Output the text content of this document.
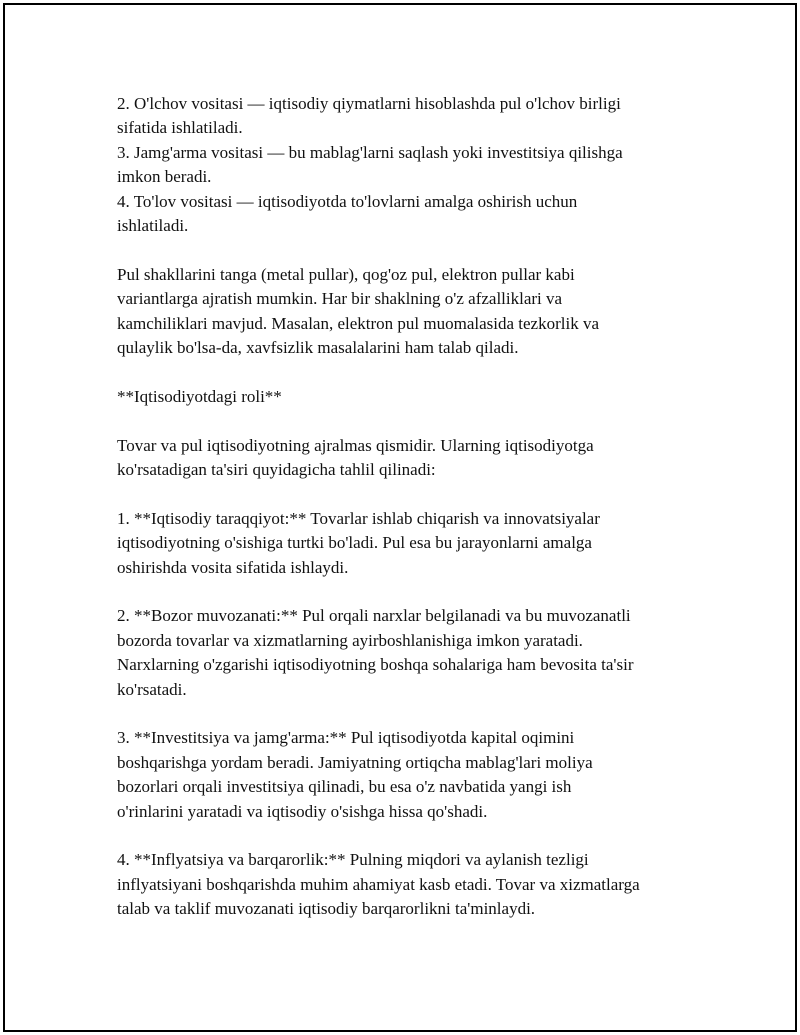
2. O'lchov vositasi — iqtisodiy qiymatlarni hisoblashda pul o'lchov birligi
sifatida ishlatiladi.
3. Jamg'arma vositasi — bu mablag'larni saqlash yoki investitsiya qilishga
imkon beradi.
4. To'lov vositasi — iqtisodiyotda to'lovlarni amalga oshirish uchun
ishlatiladi.
Pul shakllarini tanga (metal pullar), qog'oz pul, elektron pullar kabi
variantlarga ajratish mumkin. Har bir shaklning o'z afzalliklari va
kamchiliklari mavjud. Masalan, elektron pul muomalasida tezkorlik va
qulaylik bo'lsa-da, xavfsizlik masalalarini ham talab qiladi.
**Iqtisodiyotdagi roli**
Tovar va pul iqtisodiyotning ajralmas qismidir. Ularning iqtisodiyotga
ko'rsatadigan ta'siri quyidagicha tahlil qilinadi:
1. **Iqtisodiy taraqqiyot:** Tovarlar ishlab chiqarish va innovatsiyalar
iqtisodiyotning o'sishiga turtki bo'ladi. Pul esa bu jarayonlarni amalga
oshirishda vosita sifatida ishlaydi.
2. **Bozor muvozanati:** Pul orqali narxlar belgilanadi va bu muvozanatli
bozorda tovarlar va xizmatlarning ayirboshlanishiga imkon yaratadi.
Narxlarning o'zgarishi iqtisodiyotning boshqa sohalariga ham bevosita ta'sir
ko'rsatadi.
3. **Investitsiya va jamg'arma:** Pul iqtisodiyotda kapital oqimini
boshqarishga yordam beradi. Jamiyatning ortiqcha mablag'lari moliya
bozorlari orqali investitsiya qilinadi, bu esa o'z navbatida yangi ish
o'rinlarini yaratadi va iqtisodiy o'sishga hissa qo'shadi.
4. **Inflyatsiya va barqarorlik:** Pulning miqdori va aylanish tezligi
inflyatsiyani boshqarishda muhim ahamiyat kasb etadi. Tovar va xizmatlarga
talab va taklif muvozanati iqtisodiy barqarorlikni ta'minlaydi.
